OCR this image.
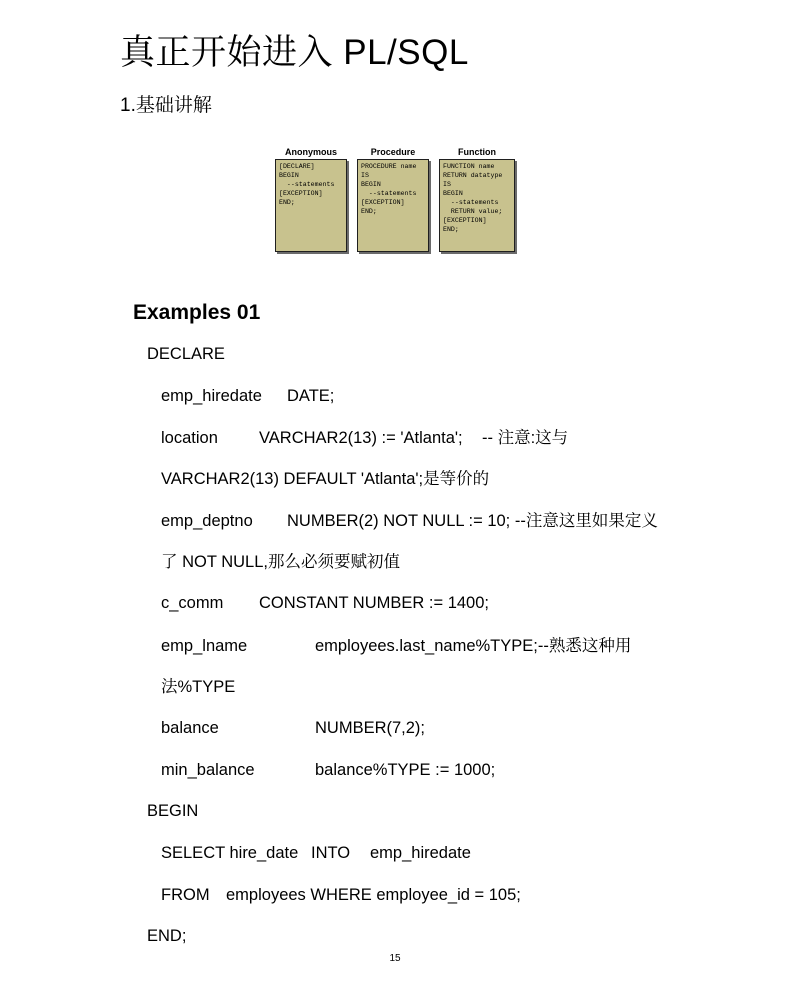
真正开始进入 PL/SQL
1.基础讲解
Anonymous
[DECLARE]
BEGIN
--statements
[EXCEPTION]
END;
Procedure
PROCEDURE name
IS
BEGIN
--statements
[EXCEPTION]
END;
Function
FUNCTION name
RETURN datatype
IS
BEGIN
--statements
RETURN value;
[EXCEPTION]
END;
Examples 01
DECLARE
emp_hiredate DATE;
location VARCHAR2(13) := 'Atlanta'; -- 注意:这与
VARCHAR2(13) DEFAULT 'Atlanta';是等价的
emp_deptno NUMBER(2) NOT NULL := 10; --注意这里如果定义
了 NOT NULL,那么必须要赋初值
c_comm CONSTANT NUMBER := 1400;
emp_lname	employees.last_name%TYPE;--熟悉这种用
法%TYPE
balance	NUMBER(7,2);
min_balance	balance%TYPE := 1000;
BEGIN
SELECT hire_date INTO emp_hiredate
FROM employees WHERE employee_id = 105;
END;
15
